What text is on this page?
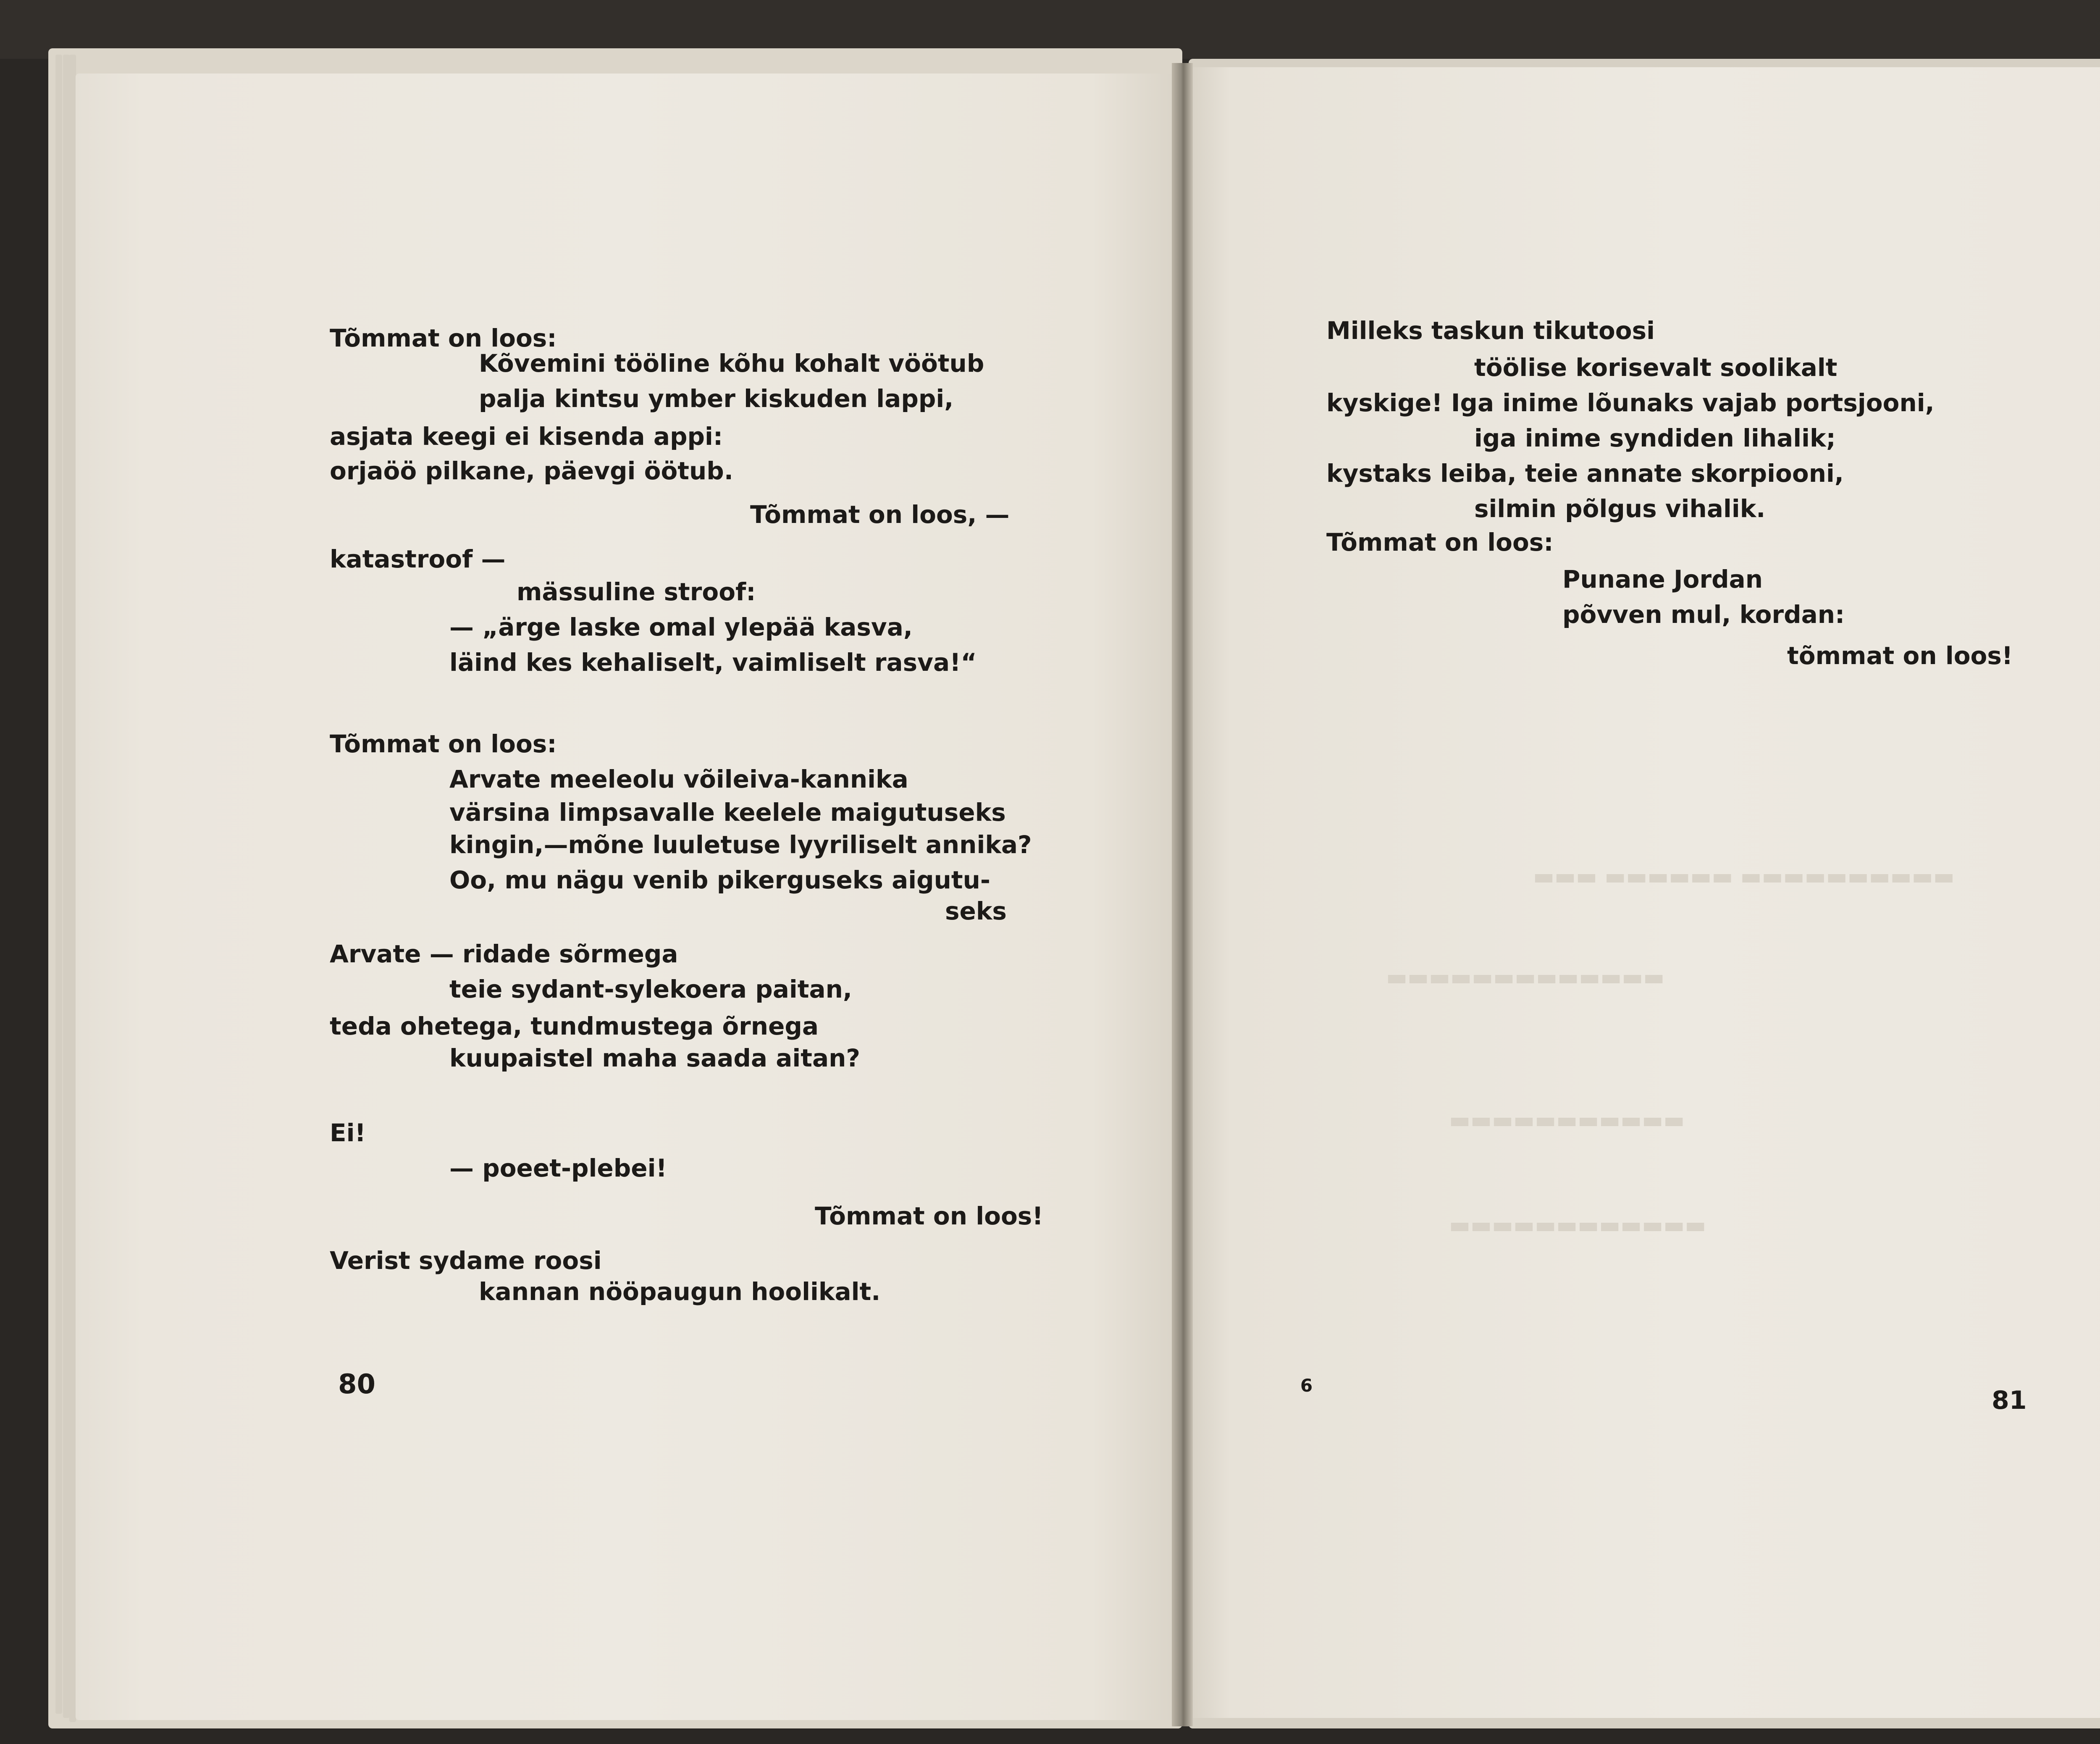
▬▬▬ ▬▬▬▬▬▬ ▬▬▬▬▬▬▬▬▬▬
▬▬▬▬▬▬▬▬▬▬▬▬▬
▬▬▬▬▬▬▬▬▬▬▬
▬▬▬▬▬▬▬▬▬▬▬▬
Tõmmat on loos:
Kõvemini tööline kõhu kohalt vöötub
palja kintsu ymber kiskuden lappi,
asjata keegi ei kisenda appi:
orjaöö pilkane, päevgi öötub.
Tõmmat on loos, —
katastroof —
mässuline stroof:
— „ärge laske omal ylepää kasva,
läind kes kehaliselt, vaimliselt rasva!“
Tõmmat on loos:
Arvate meeleolu võileiva-kannika
värsina limpsavalle keelele maigutuseks
kingin,—mõne luuletuse lyyriliselt annika?
Oo, mu nägu venib pikerguseks aigutu-
seks
Arvate — ridade sõrmega
teie sydant-sylekoera paitan,
teda ohetega, tundmustega õrnega
kuupaistel maha saada aitan?
Ei!
— poeet-plebei!
Tõmmat on loos!
Verist sydame roosi
kannan nööpaugun hoolikalt.
80
Milleks taskun tikutoosi
töölise korisevalt soolikalt
kyskige! Iga inime lõunaks vajab portsjooni,
iga inime syndiden lihalik;
kystaks leiba, teie annate skorpiooni,
silmin põlgus vihalik.
Tõmmat on loos:
Punane Jordan
põvven mul, kordan:
tõmmat on loos!
6
81
